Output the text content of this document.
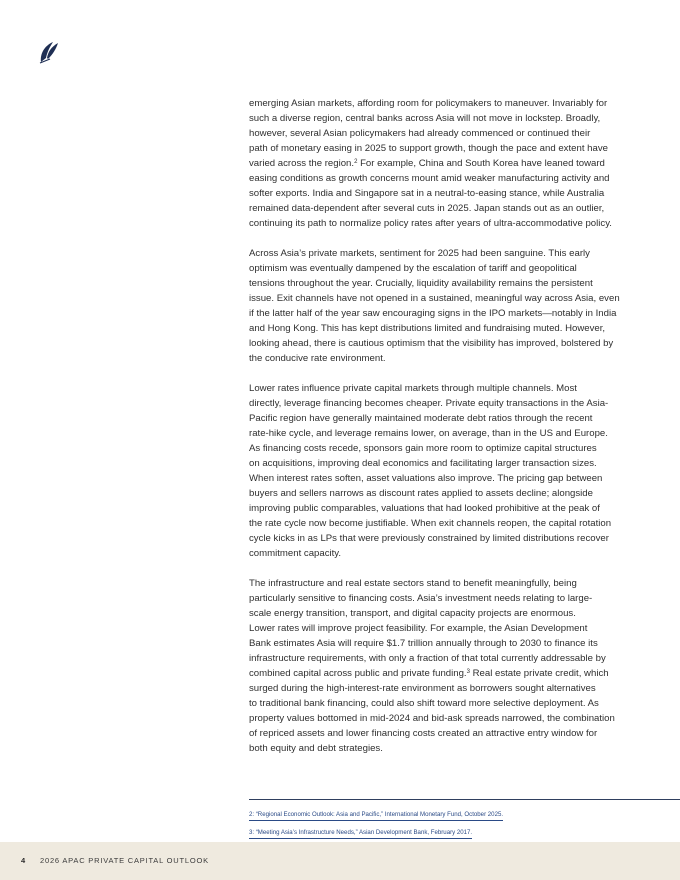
emerging Asian markets, affording room for policymakers to maneuver. Invariably for
such a diverse region, central banks across Asia will not move in lockstep. Broadly,
however, several Asian policymakers had already commenced or continued their
path of monetary easing in 2025 to support growth, though the pace and extent have
varied across the region.$^2$ For example, China and South Korea have leaned toward
easing conditions as growth concerns mount amid weaker manufacturing activity and
softer exports. India and Singapore sat in a neutral-to-easing stance, while Australia
remained data-dependent after several cuts in 2025. Japan stands out as an outlier,
continuing its path to normalize policy rates after years of ultra-accommodative policy.

Across Asia’s private markets, sentiment for 2025 had been sanguine. This early
optimism was eventually dampened by the escalation of tariff and geopolitical
tensions throughout the year. Crucially, liquidity availability remains the persistent
issue. Exit channels have not opened in a sustained, meaningful way across Asia, even
if the latter half of the year saw encouraging signs in the IPO markets—notably in India
and Hong Kong. This has kept distributions limited and fundraising muted. However,
looking ahead, there is cautious optimism that the visibility has improved, bolstered by
the conducive rate environment.

Lower rates influence private capital markets through multiple channels. Most
directly, leverage financing becomes cheaper. Private equity transactions in the Asia-
Pacific region have generally maintained moderate debt ratios through the recent
rate-hike cycle, and leverage remains lower, on average, than in the US and Europe.
As financing costs recede, sponsors gain more room to optimize capital structures
on acquisitions, improving deal economics and facilitating larger transaction sizes.
When interest rates soften, asset valuations also improve. The pricing gap between
buyers and sellers narrows as discount rates applied to assets decline; alongside
improving public comparables, valuations that had looked prohibitive at the peak of
the rate cycle now become justifiable. When exit channels reopen, the capital rotation
cycle kicks in as LPs that were previously constrained by limited distributions recover
commitment capacity.

The infrastructure and real estate sectors stand to benefit meaningfully, being
particularly sensitive to financing costs. Asia’s investment needs relating to large-
scale energy transition, transport, and digital capacity projects are enormous.
Lower rates will improve project feasibility. For example, the Asian Development
Bank estimates Asia will require $1.7 trillion annually through to 2030 to finance its
infrastructure requirements, with only a fraction of that total currently addressable by
combined capital across public and private funding.$^3$ Real estate private credit, which
surged during the high-interest-rate environment as borrowers sought alternatives
to traditional bank financing, could also shift toward more selective deployment. As
property values bottomed in mid-2024 and bid-ask spreads narrowed, the combination
of repriced assets and lower financing costs created an attractive entry window for
both equity and debt strategies.

2: “Regional Economic Outlook: Asia and Pacific,” International Monetary Fund, October 2025.
3: “Meeting Asia’s Infrastructure Needs,” Asian Development Bank, February 2017.
4 2026 APAC PRIVATE CAPITAL OUTLOOK
